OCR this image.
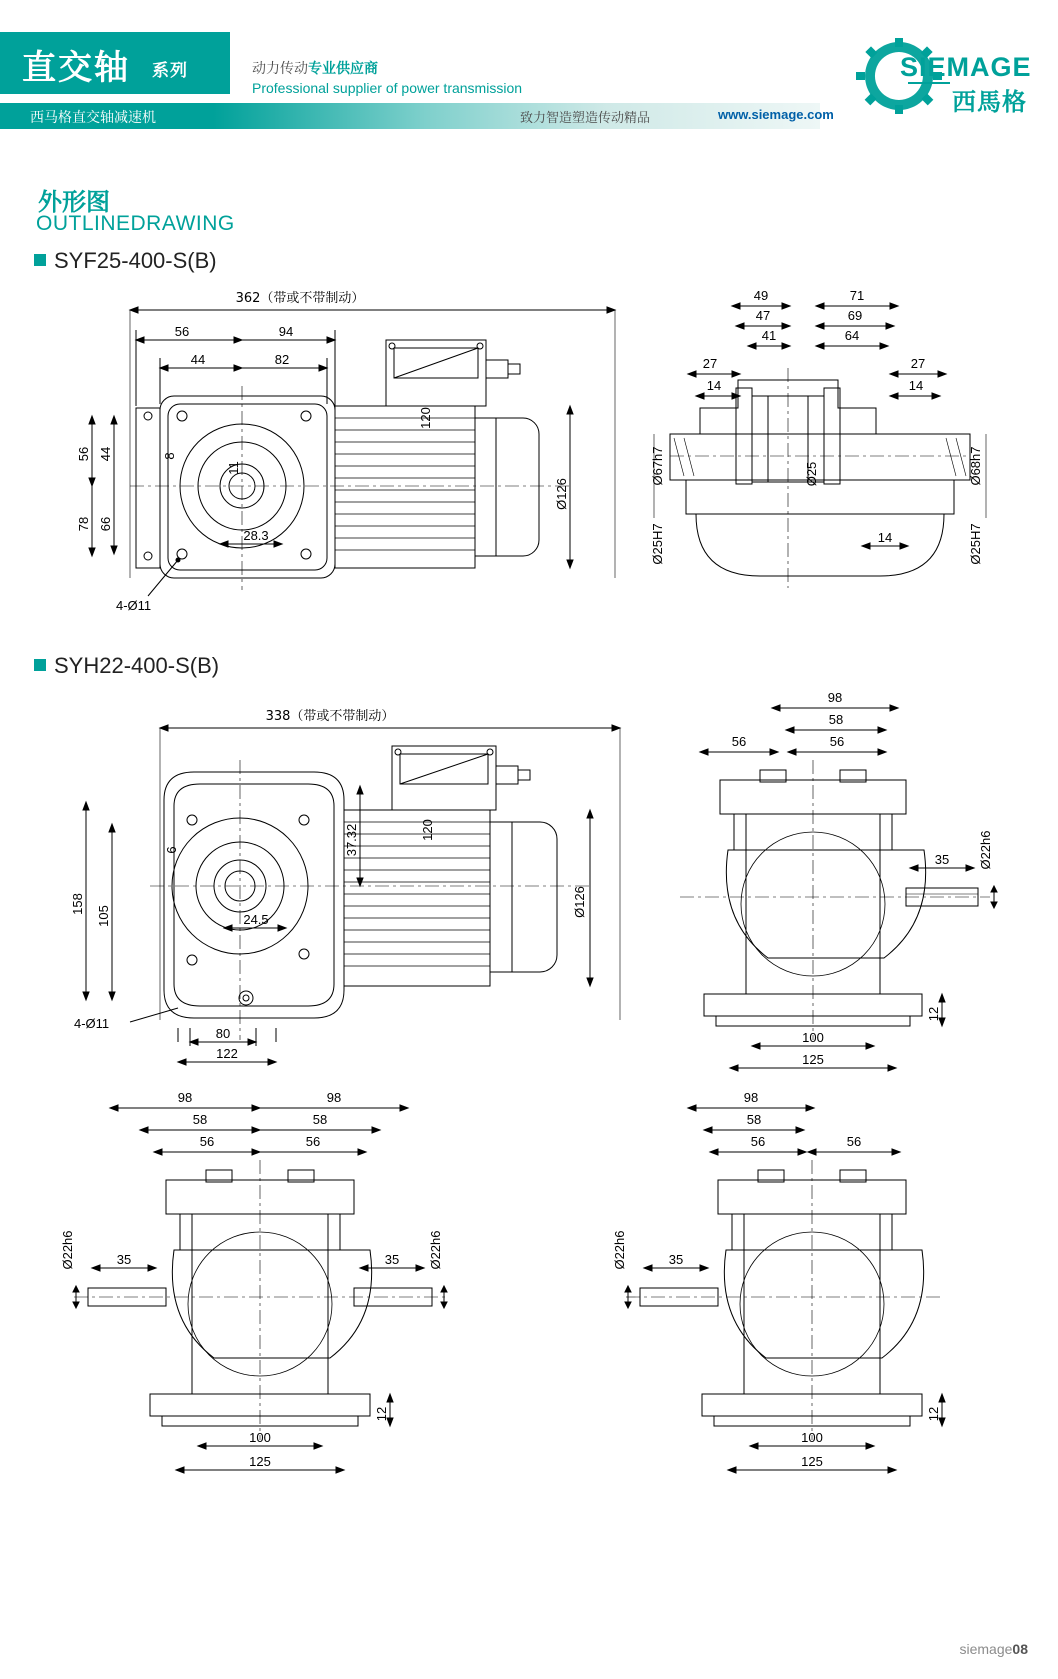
直交轴 系列
西马格直交轴减速机
动力传动专业供应商
Professional supplier of power transmission
致力智造塑造传动精品	www.siemage.com
SIEMAGE
西馬格
外形图
OUTLINEDRAWING
SYF25-400-S(B)
SYH22-400-S(B)
362（带或不带制动）
56	94
44	82
56 44
78 66
8
11
28.3
4-Ø11
120
Ø126
49	71
47	69
41	64
27	27
14	14
Ø67h7	Ø68h7
Ø25H7	Ø25H7
Ø25
14
338（带或不带制动）
158
105
6
24.5
37.32	120
Ø126
4-Ø11
80
122
98
58
56	56
35 Ø22h6
12
100
125
98	98
58	58
56	56
35	35
Ø22h6	Ø22h6
12
100
125
98
58
56	56
35
Ø22h6
12
100
125
siemage08
